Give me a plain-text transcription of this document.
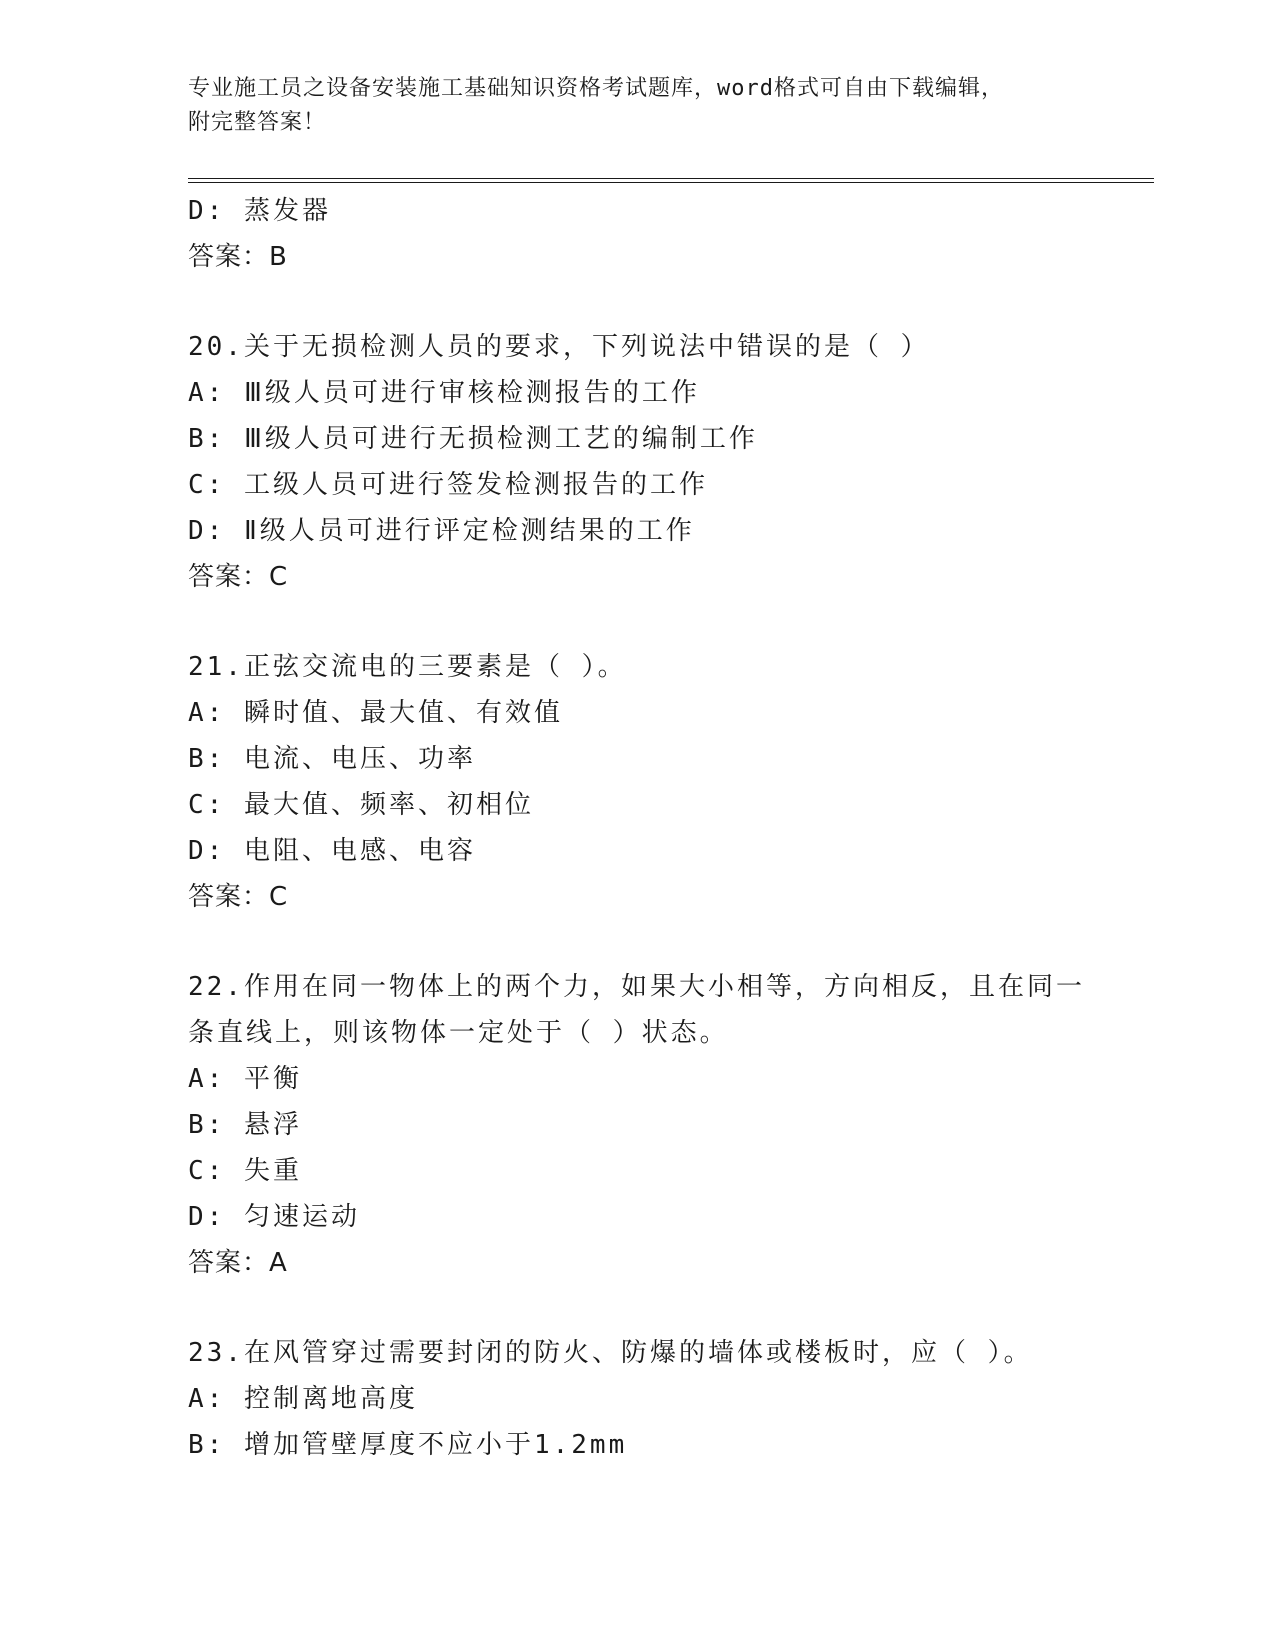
专业施工员之设备安装施工基础知识资格考试题库，word格式可自由下载编辑，
附完整答案！
D: 蒸发器
答案：B
20.关于无损检测人员的要求，下列说法中错误的是（ ）
A: Ⅲ级人员可进行审核检测报告的工作
B: Ⅲ级人员可进行无损检测工艺的编制工作
C: 工级人员可进行签发检测报告的工作
D: Ⅱ级人员可进行评定检测结果的工作
答案：C
21.正弦交流电的三要素是（ ）。
A: 瞬时值、最大值、有效值
B: 电流、电压、功率
C: 最大值、频率、初相位
D: 电阻、电感、电容
答案：C
22.作用在同一物体上的两个力，如果大小相等，方向相反，且在同一
条直线上，则该物体一定处于（ ）状态。
A: 平衡
B: 悬浮
C: 失重
D: 匀速运动
答案：A
23.在风管穿过需要封闭的防火、防爆的墙体或楼板时，应（ ）。
A: 控制离地高度
B: 增加管壁厚度不应小于1.2mm
